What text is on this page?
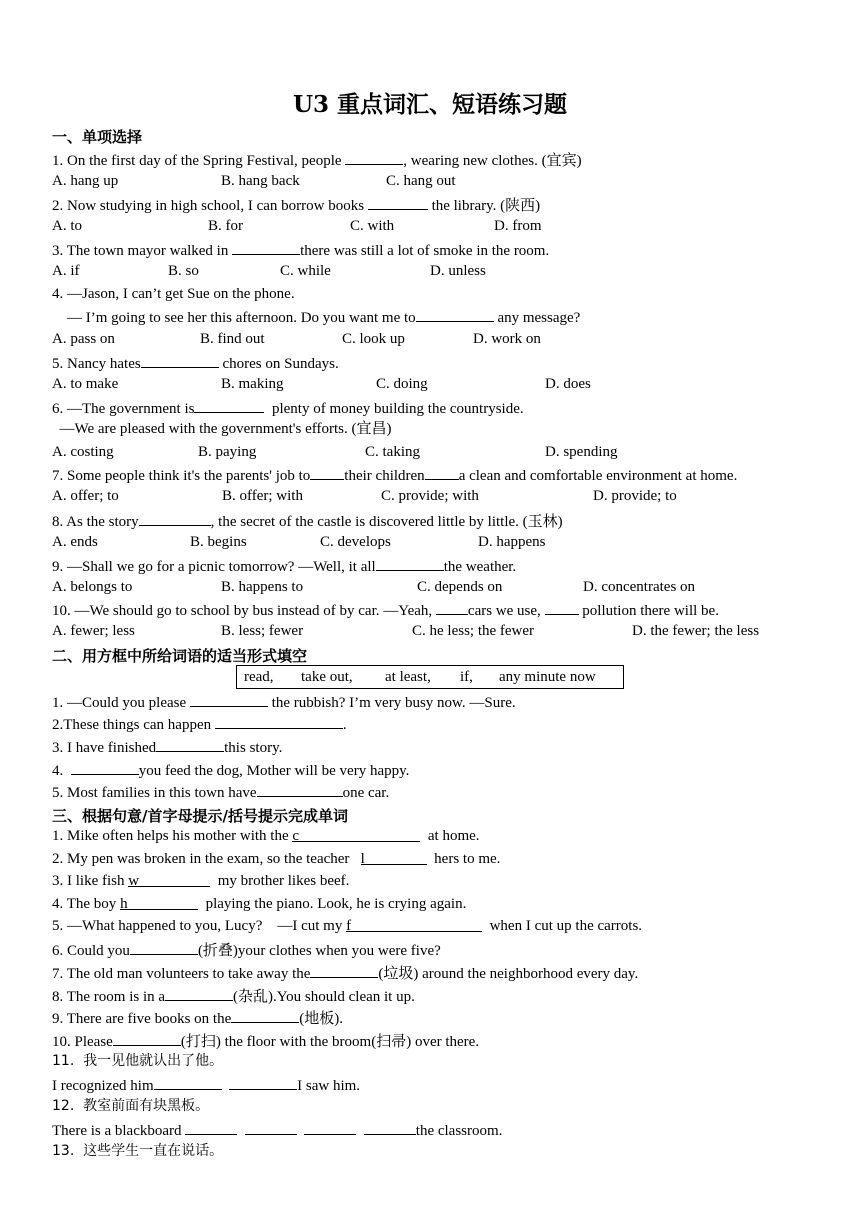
U3 重点词汇、短语练习题
一、单项选择
1. On the first day of the Spring Festival, people	, wearing new clothes. (宜宾)
A. hang up	B. hang back	C. hang out
2. Now studying in high school, I can borrow books	the library. (陕西)
A. to	B. for	C. with	D. from
3. The town mayor walked in	there was still a lot of smoke in the room.
A. if	B. so	C. while	D. unless
4. —Jason, I can’t get Sue on the phone.
— I’m going to see her this afternoon. Do you want me to	any message?
A. pass on	B. find out	C. look up	D. work on
5. Nancy hates	chores on Sundays.
A. to make	B. making	C. doing	D. does
6. —The government is	plenty of money building the countryside.
—We are pleased with the government's efforts. (宜昌)
A. costing	B. paying	C. taking	D. spending
7. Some people think it's the parents' job to their children a clean and comfortable environment at home.
A. offer; to	B. offer; with	C. provide; with	D. provide; to
8. As the story	, the secret of the castle is discovered little by little. (玉林)
A. ends	B. begins	C. develops	D. happens
9. —Shall we go for a picnic tomorrow? —Well, it all	the weather.
A. belongs to	B. happens to	C. depends on	D. concentrates on
10. —We should go to school by bus instead of by car. —Yeah, cars we use,  pollution there will be.
A. fewer; less	B. less; fewer	C. he less; the fewer	D. the fewer; the less
二、用方框中所给词语的适当形式填空

read,

take out,

at least,

if,

any minute now

1. —Could you please	the rubbish? I’m very busy now. —Sure.
2.These things can happen	.
3. I have finished	this story.
4.	you feed the dog, Mother will be very happy.
5. Most families in this town have	one car.
三、根据句意/首字母提示/括号提示完成单词
1. Mike often helps his mother with the c	at home.
2. My pen was broken in the exam, so the teacher   l	hers to me.
3. I like fish w	my brother likes beef.
4. The boy h	playing the piano. Look, he is crying again.
5. —What happened to you, Lucy?    —I cut my f	when I cut up the carrots.
6. Could you	(折叠)your clothes when you were five?
7. The old man volunteers to take away the	(垃圾) around the neighborhood every day.
8. The room is in a	(杂乱).You should clean it up.
9. There are five books on the	(地板).
10. Please	(打扫) the floor with the broom(扫帚) over there.
11.  我一见他就认出了他。
I recognized him	I saw him.
12.  教室前面有块黑板。
There is a blackboard	the classroom.
13.  这些学生一直在说话。
